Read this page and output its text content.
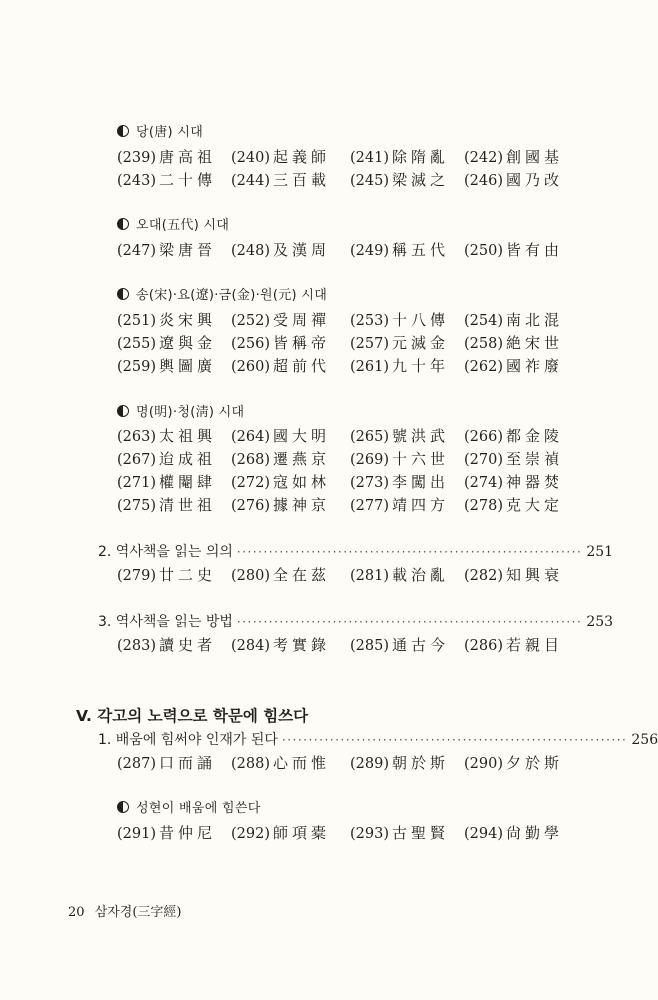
당(唐) 시대
(239) 唐高祖 (240) 起義師 (241) 除隋亂 (242) 創國基
(243) 二十傳 (244) 三百載 (245) 梁滅之 (246) 國乃改
오대(五代) 시대
(247) 梁唐晉 (248) 及漢周 (249) 稱五代 (250) 皆有由
송(宋)·요(遼)·금(金)·원(元) 시대
(251) 炎宋興 (252) 受周禪 (253) 十八傳 (254) 南北混
(255) 遼與金 (256) 皆稱帝 (257) 元滅金 (258) 絶宋世
(259) 輿圖廣 (260) 超前代 (261) 九十年 (262) 國祚廢
명(明)·청(淸) 시대
(263) 太祖興 (264) 國大明 (265) 號洪武 (266) 都金陵
(267) 迨成祖 (268) 遷燕京 (269) 十六世 (270) 至崇禎
(271) 權閹肆 (272) 寇如林 (273) 李闖出 (274) 神器焚
(275) 清世祖 (276) 據神京 (277) 靖四方 (278) 克大定
2. 역사책을 읽는 의의 ································································· 251
(279) 廿二史 (280) 全在茲 (281) 載治亂 (282) 知興衰
3. 역사책을 읽는 방법 ································································· 253
(283) 讀史者 (284) 考實錄 (285) 通古今 (286) 若親目
V. 각고의 노력으로 학문에 힘쓰다
1. 배움에 힘써야 인재가 된다 ································································· 256
(287) 口而誦 (288) 心而惟 (289) 朝於斯 (290) 夕於斯
성현이 배움에 힘쓴다
(291) 昔仲尼 (292) 師項橐 (293) 古聖賢 (294) 尙勤學
20 삼자경(三字經)
